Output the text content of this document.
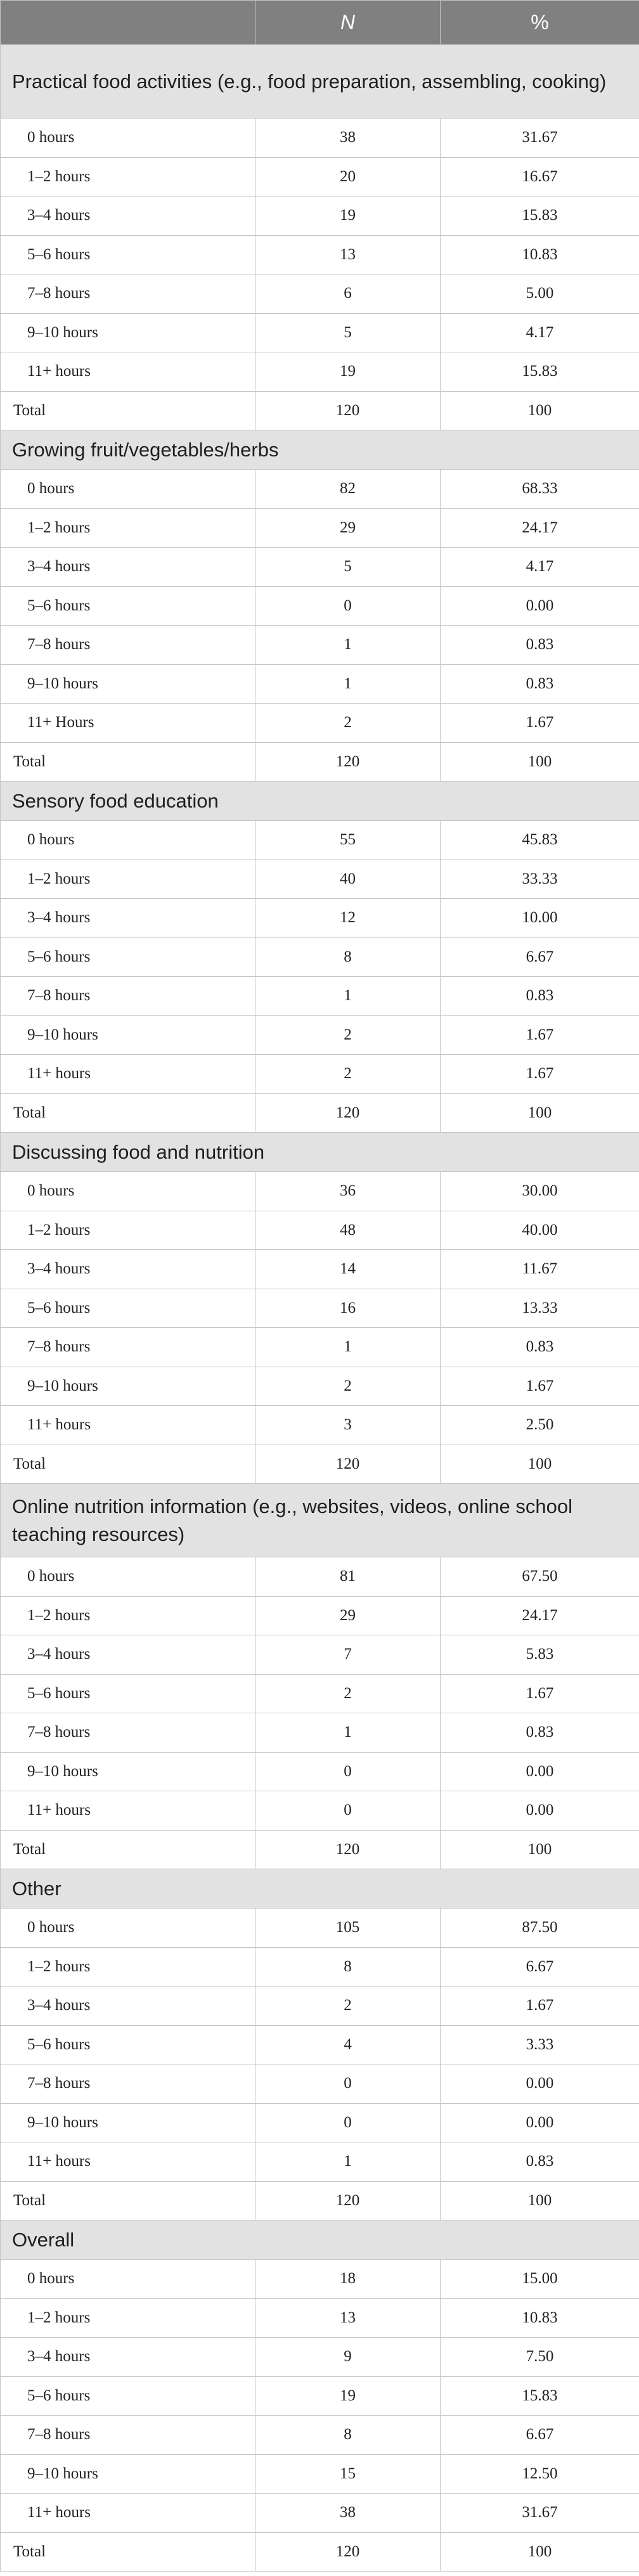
	N	%
Practical food activities (e.g., food preparation, assembling, cooking)		
0 hours	38	31.67
1–2 hours	20	16.67
3–4 hours	19	15.83
5–6 hours	13	10.83
7–8 hours	6	5.00
9–10 hours	5	4.17
11+ hours	19	15.83
Total	120	100
Growing fruit/vegetables/herbs		
0 hours	82	68.33
1–2 hours	29	24.17
3–4 hours	5	4.17
5–6 hours	0	0.00
7–8 hours	1	0.83
9–10 hours	1	0.83
11+ Hours	2	1.67
Total	120	100
Sensory food education		
0 hours	55	45.83
1–2 hours	40	33.33
3–4 hours	12	10.00
5–6 hours	8	6.67
7–8 hours	1	0.83
9–10 hours	2	1.67
11+ hours	2	1.67
Total	120	100
Discussing food and nutrition		
0 hours	36	30.00
1–2 hours	48	40.00
3–4 hours	14	11.67
5–6 hours	16	13.33
7–8 hours	1	0.83
9–10 hours	2	1.67
11+ hours	3	2.50
Total	120	100
Online nutrition information (e.g., websites, videos, online school teaching resources)		
0 hours	81	67.50
1–2 hours	29	24.17
3–4 hours	7	5.83
5–6 hours	2	1.67
7–8 hours	1	0.83
9–10 hours	0	0.00
11+ hours	0	0.00
Total	120	100
Other		
0 hours	105	87.50
1–2 hours	8	6.67
3–4 hours	2	1.67
5–6 hours	4	3.33
7–8 hours	0	0.00
9–10 hours	0	0.00
11+ hours	1	0.83
Total	120	100
Overall		
0 hours	18	15.00
1–2 hours	13	10.83
3–4 hours	9	7.50
5–6 hours	19	15.83
7–8 hours	8	6.67
9–10 hours	15	12.50
11+ hours	38	31.67
Total	120	100
